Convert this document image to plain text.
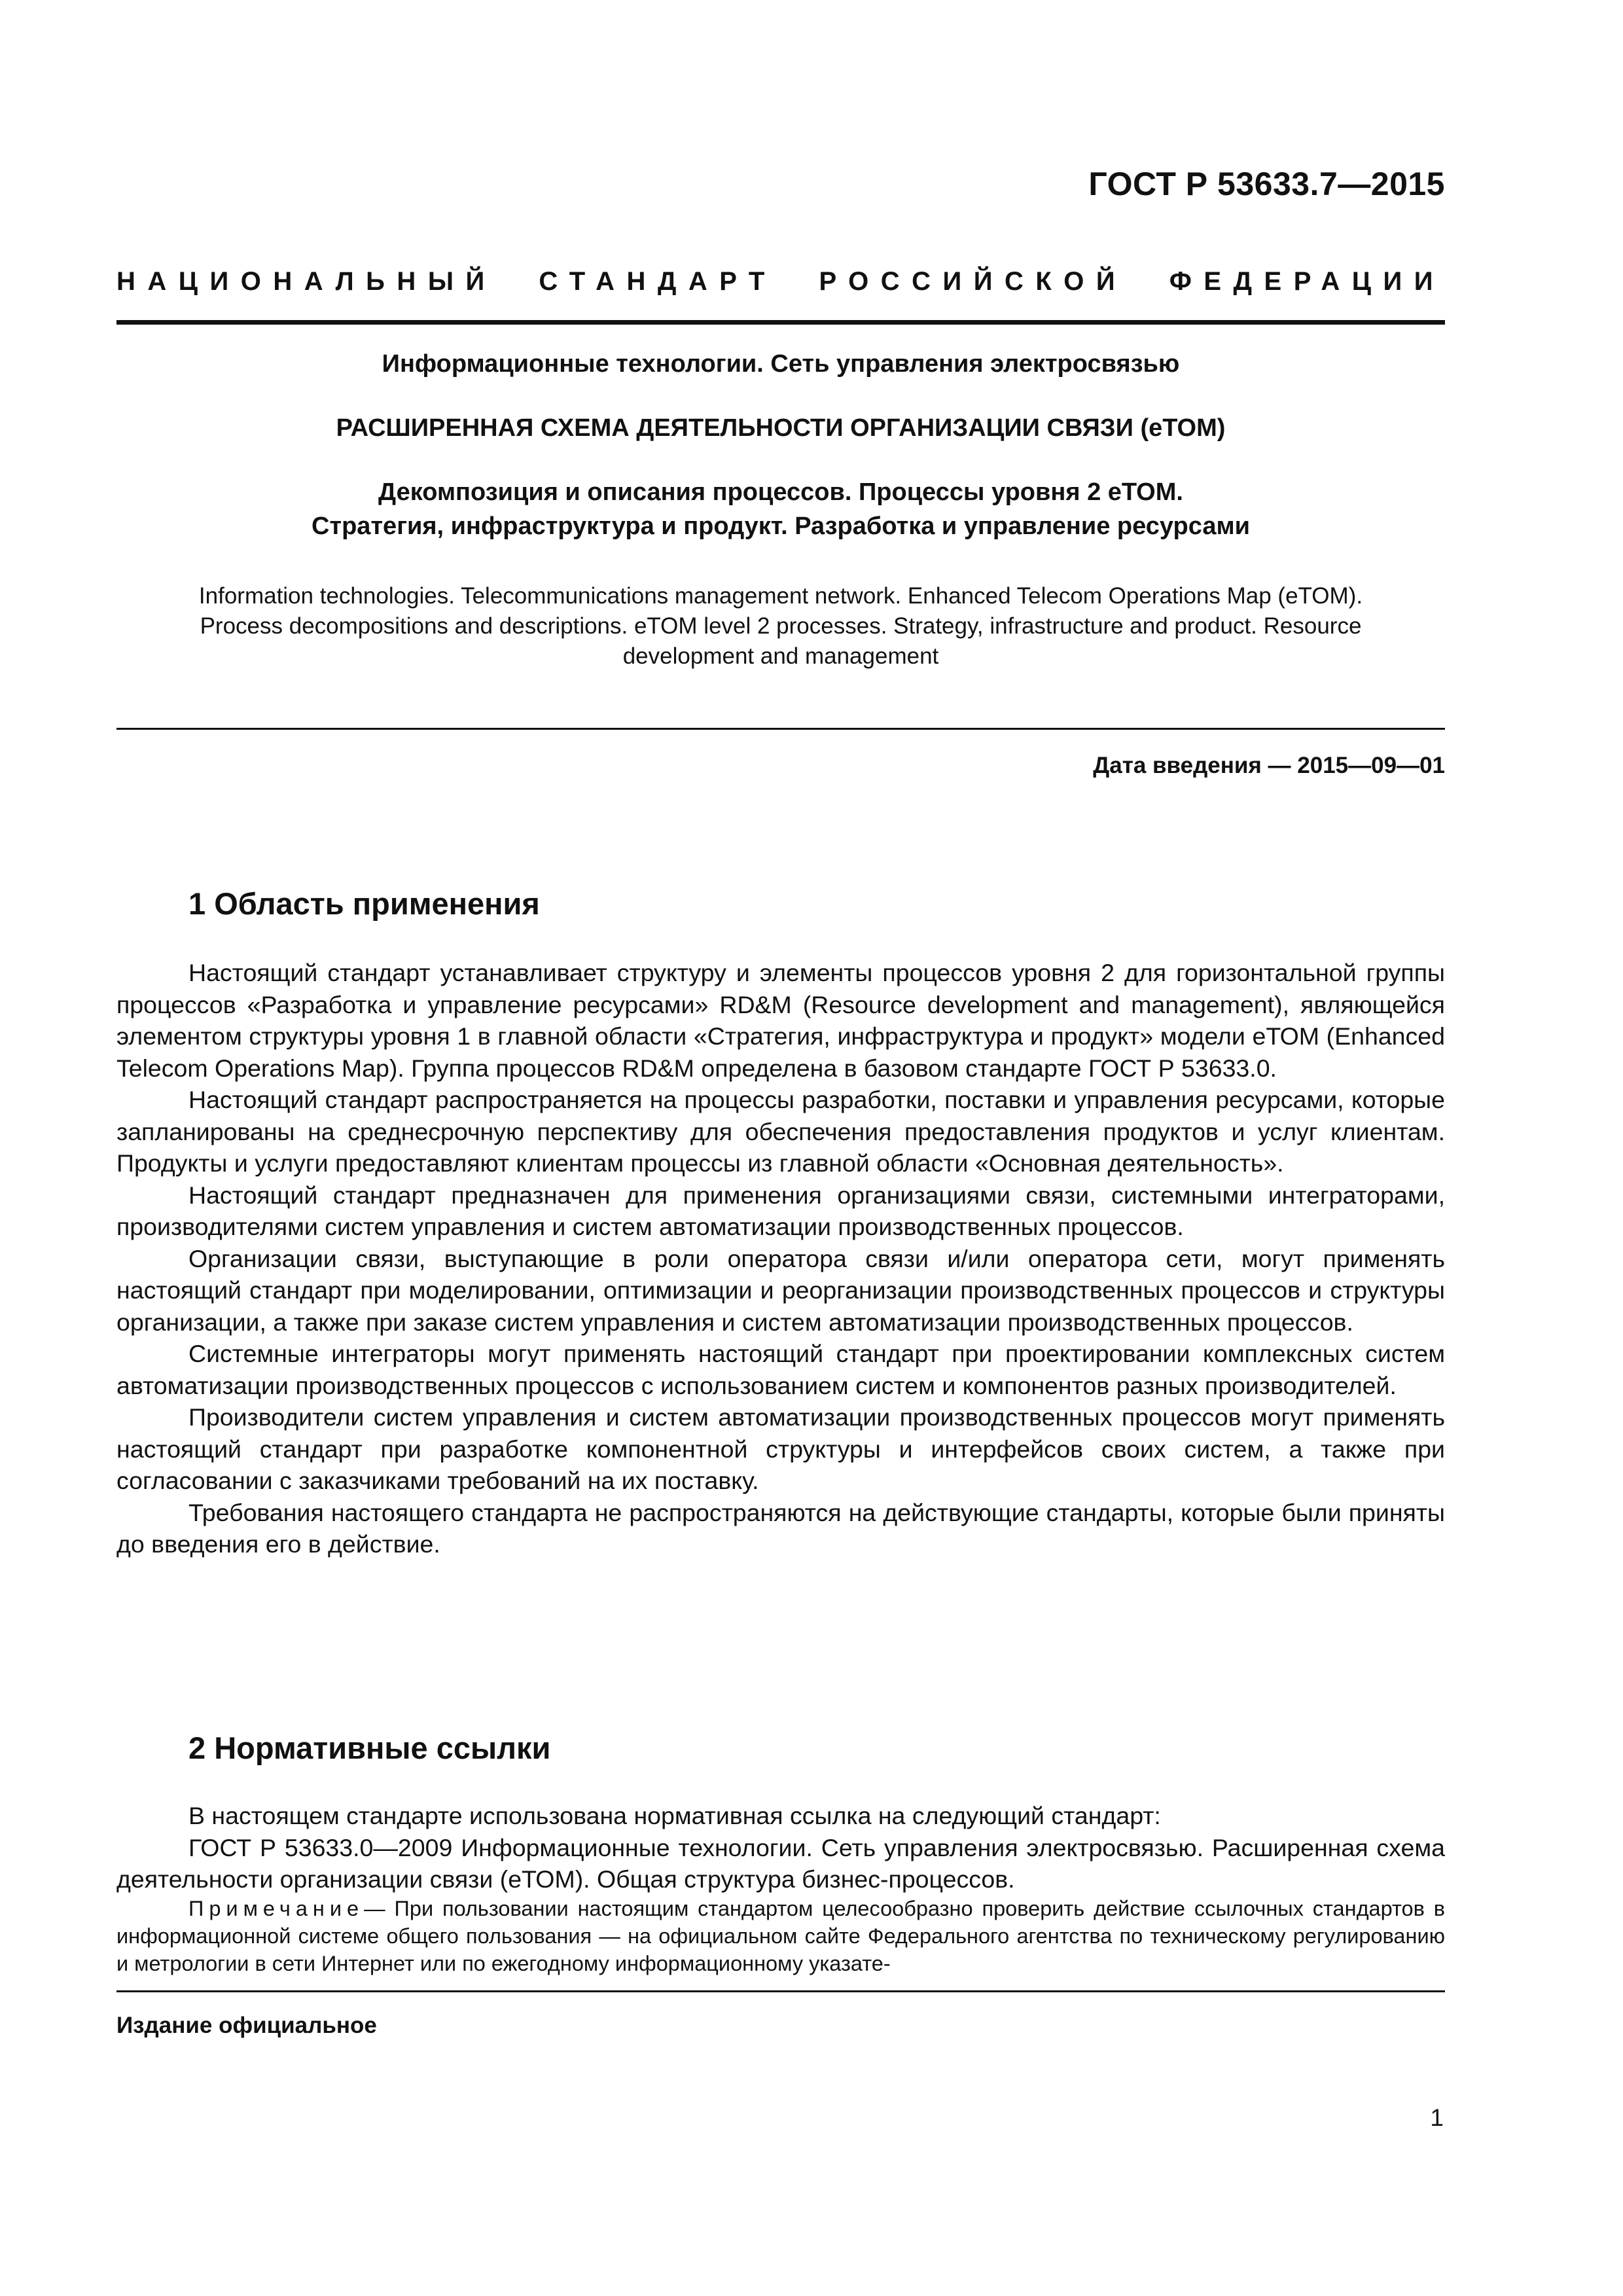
ГОСТ Р 53633.7—2015
НАЦИОНАЛЬНЫЙ СТАНДАРТ РОССИЙСКОЙ ФЕДЕРАЦИИ
Информационные технологии. Сеть управления электросвязью
РАСШИРЕННАЯ СХЕМА ДЕЯТЕЛЬНОСТИ ОРГАНИЗАЦИИ СВЯЗИ (еТОМ)
Декомпозиция и описания процессов. Процессы уровня 2 еТОМ.
Стратегия, инфраструктура и продукт. Разработка и управление ресурсами
Information technologies. Telecommunications management network. Enhanced Telecom Operations Map (eTOM).
Process decompositions and descriptions. eTOM level 2 processes. Strategy, infrastructure and product. Resource
development and management
Дата введения — 2015—09—01
1 Область применения

Настоящий стандарт устанавливает структуру и элементы процессов уровня 2 для горизонтальной группы процессов «Разработка и управление ресурсами» RD&M (Resource development and management), являющейся элементом структуры уровня 1 в главной области «Стратегия, инфраструктура и продукт» модели еТОМ (Enhanced Telecom Operations Map). Группа процессов RD&M определена в базовом стандарте ГОСТ Р 53633.0.

Настоящий стандарт распространяется на процессы разработки, поставки и управления ресурсами, которые запланированы на среднесрочную перспективу для обеспечения предоставления продуктов и услуг клиентам. Продукты и услуги предоставляют клиентам процессы из главной области «Основная деятельность».

Настоящий стандарт предназначен для применения организациями связи, системными интеграторами, производителями систем управления и систем автоматизации производственных процессов.

Организации связи, выступающие в роли оператора связи и/или оператора сети, могут применять настоящий стандарт при моделировании, оптимизации и реорганизации производственных процессов и структуры организации, а также при заказе систем управления и систем автоматизации производственных процессов.

Системные интеграторы могут применять настоящий стандарт при проектировании комплексных систем автоматизации производственных процессов с использованием систем и компонентов разных производителей.

Производители систем управления и систем автоматизации производственных процессов могут применять настоящий стандарт при разработке компонентной структуры и интерфейсов своих систем, а также при согласовании с заказчиками требований на их поставку.

Требования настоящего стандарта не распространяются на действующие стандарты, которые были приняты до введения его в действие.

2 Нормативные ссылки

В настоящем стандарте использована нормативная ссылка на следующий стандарт:

ГОСТ Р 53633.0—2009 Информационные технологии. Сеть управления электросвязью. Расширенная схема деятельности организации связи (еТОМ). Общая структура бизнес-процессов.

Примечание— При пользовании настоящим стандартом целесообразно проверить действие ссылочных стандартов в информационной системе общего пользования — на официальном сайте Федерального агентства по техническому регулированию и метрологии в сети Интернет или по ежегодному информационному указате-
Издание официальное
1
